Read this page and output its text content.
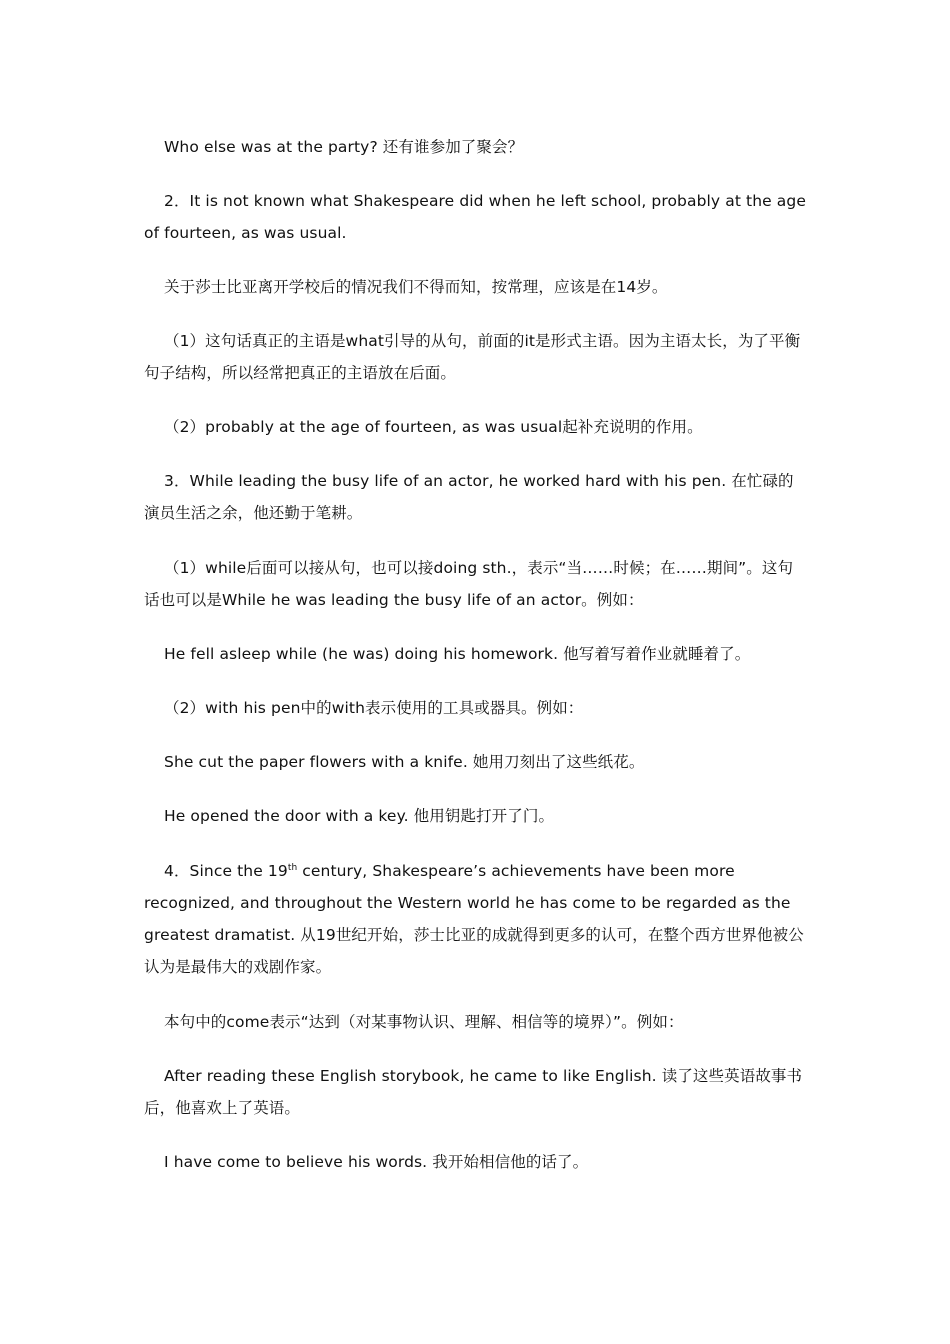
Who else was at the party? 还有谁参加了聚会？

2．It is not known what Shakespeare did when he left school, probably at the age of fourteen, as was usual.

关于莎士比亚离开学校后的情况我们不得而知，按常理，应该是在14岁。

（1）这句话真正的主语是what引导的从句，前面的it是形式主语。因为主语太长，为了平衡句子结构，所以经常把真正的主语放在后面。

（2）probably at the age of fourteen, as was usual起补充说明的作用。

3．While leading the busy life of an actor, he worked hard with his pen. 在忙碌的演员生活之余，他还勤于笔耕。

（1）while后面可以接从句，也可以接doing sth.，表示“当……时候；在……期间”。这句话也可以是While he was leading the busy life of an actor。例如：

He fell asleep while (he was) doing his homework. 他写着写着作业就睡着了。

（2）with his pen中的with表示使用的工具或器具。例如：

She cut the paper flowers with a knife. 她用刀刻出了这些纸花。

He opened the door with a key. 他用钥匙打开了门。

4．Since the 19th century, Shakespeare’s achievements have been more recognized, and throughout the Western world he has come to be regarded as the greatest dramatist. 从19世纪开始，莎士比亚的成就得到更多的认可，在整个西方世界他被公认为是最伟大的戏剧作家。

本句中的come表示“达到（对某事物认识、理解、相信等的境界）”。例如：

After reading these English storybook, he came to like English. 读了这些英语故事书后，他喜欢上了英语。

I have come to believe his words. 我开始相信他的话了。
